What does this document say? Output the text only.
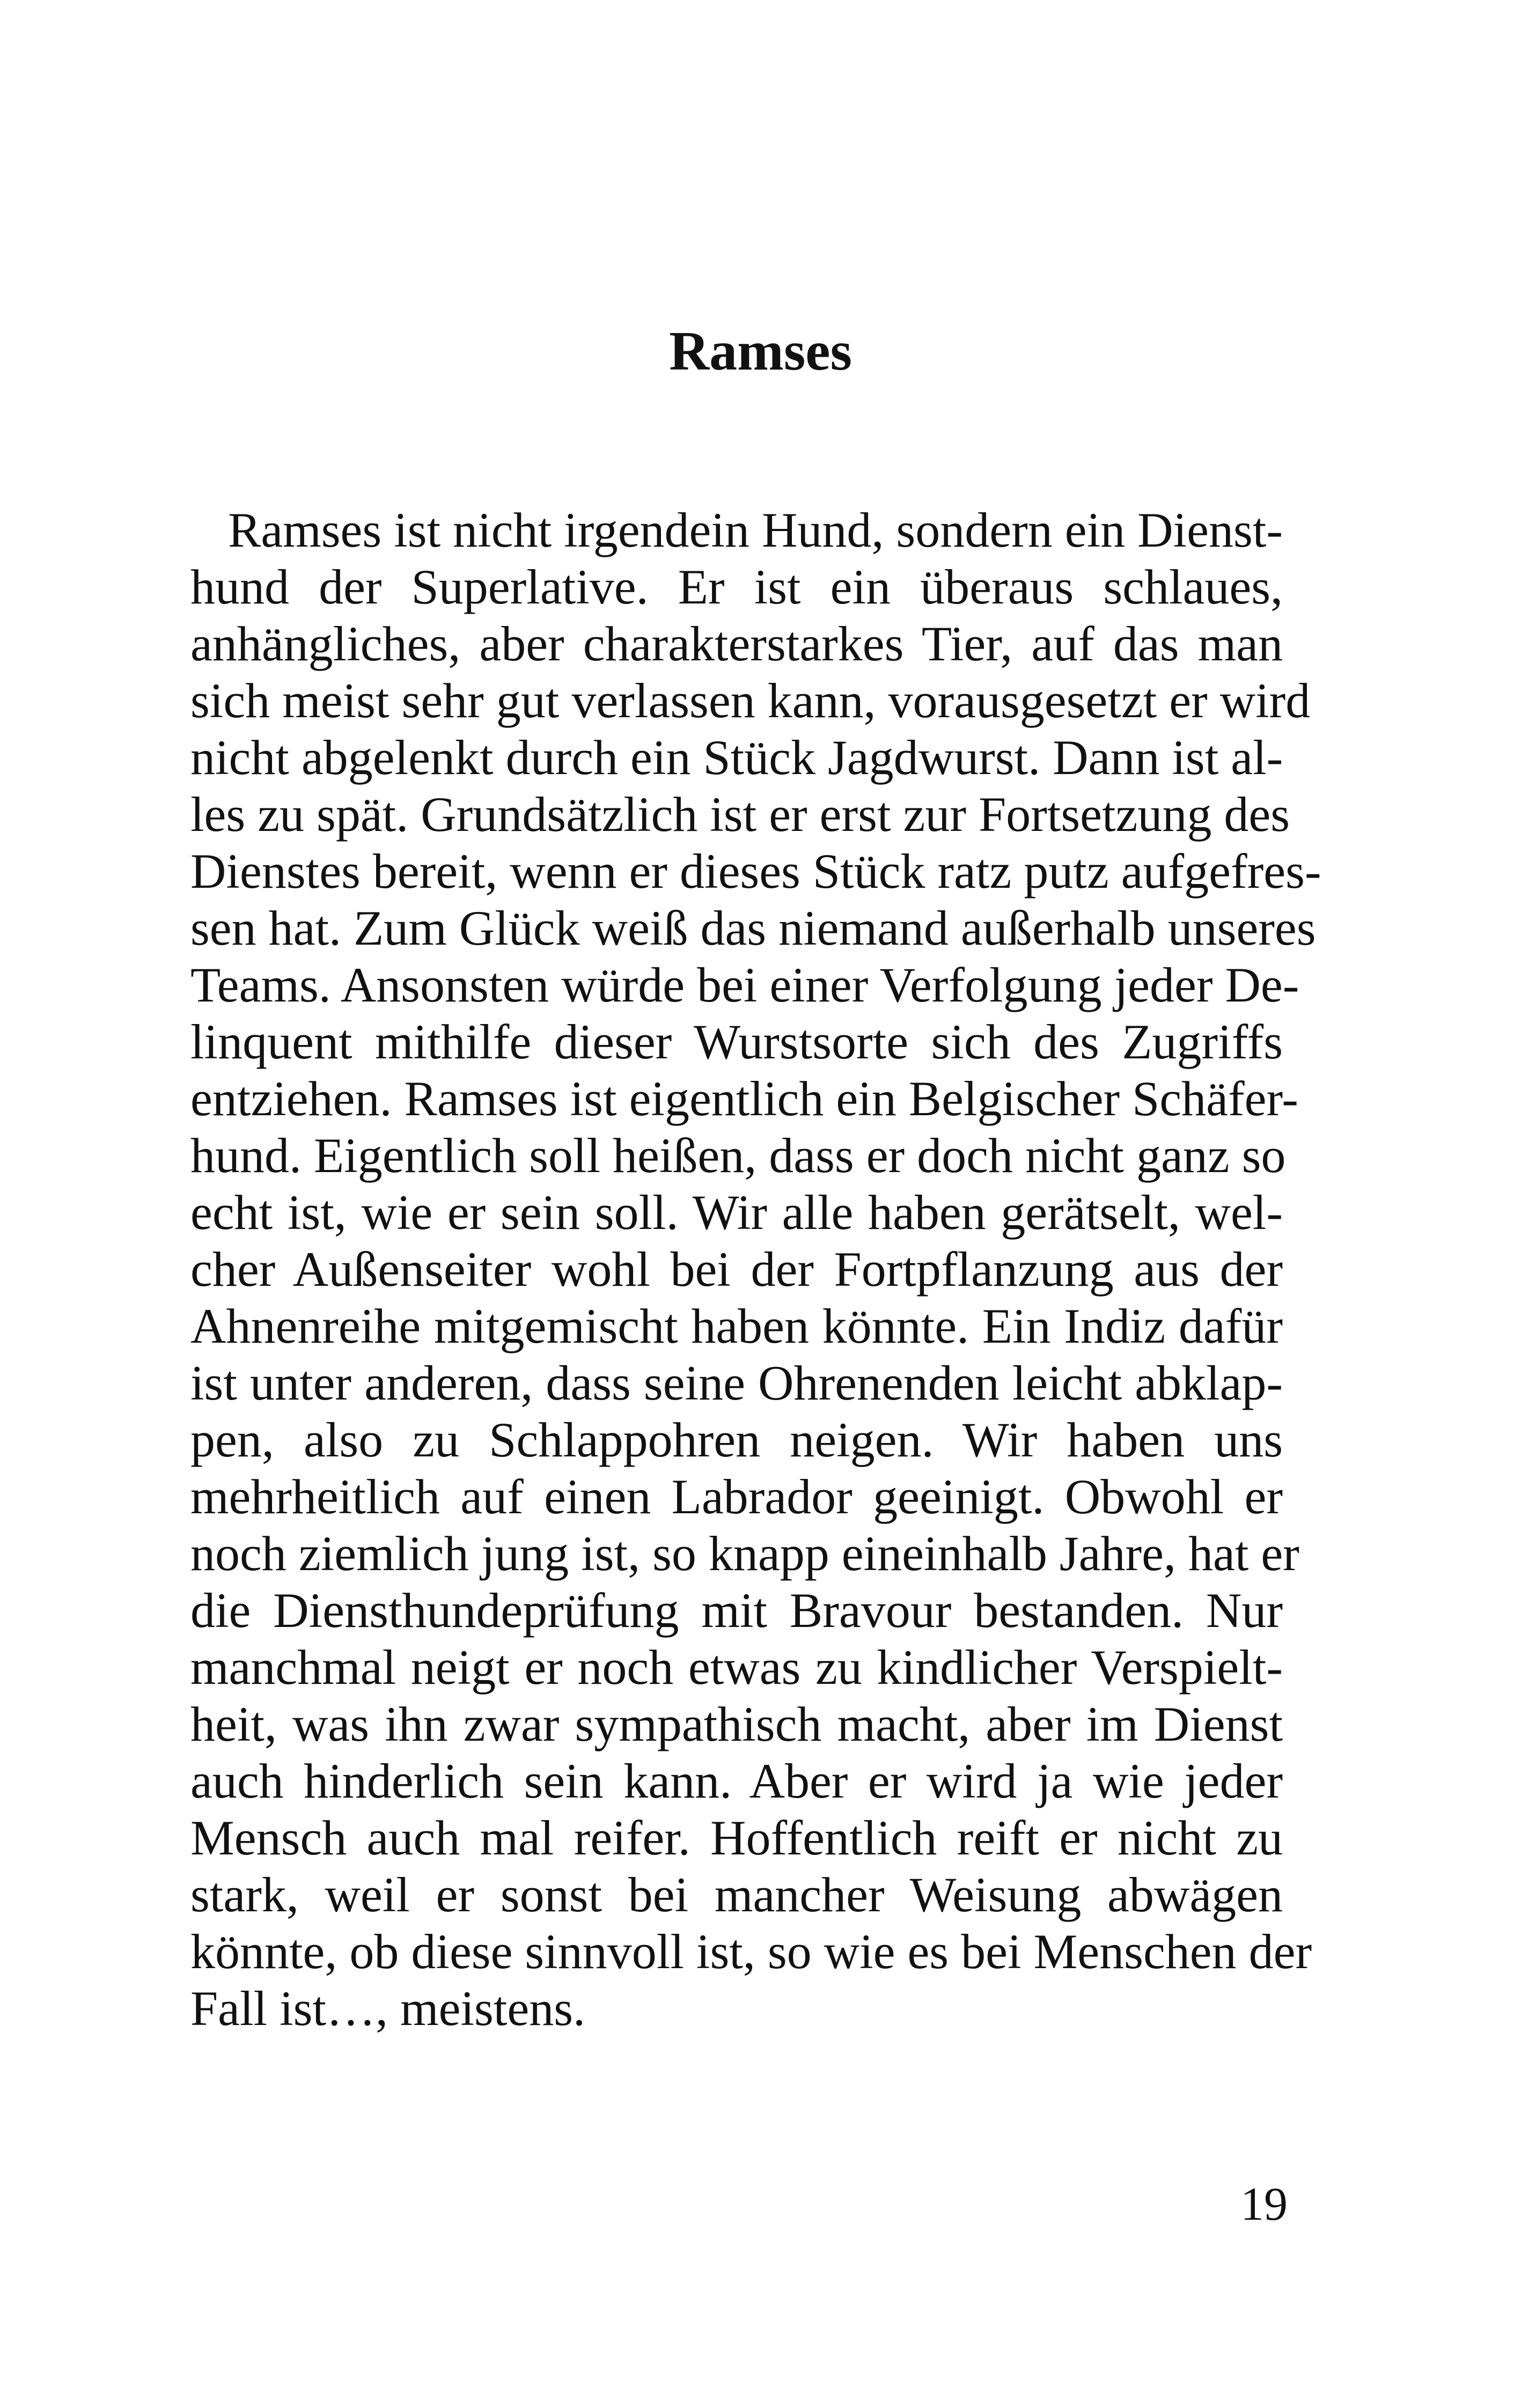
Ramses
Ramses ist nicht irgendein Hund, sondern ein Dienst-
hund der Superlative. Er ist ein überaus schlaues,
anhängliches, aber charakterstarkes Tier, auf das man
sich meist sehr gut verlassen kann, vorausgesetzt er wird
nicht abgelenkt durch ein Stück Jagdwurst. Dann ist al-
les zu spät. Grundsätzlich ist er erst zur Fortsetzung des
Dienstes bereit, wenn er dieses Stück ratz putz aufgefres-
sen hat. Zum Glück weiß das niemand außerhalb unseres
Teams. Ansonsten würde bei einer Verfolgung jeder De-
linquent mithilfe dieser Wurstsorte sich des Zugriffs
entziehen. Ramses ist eigentlich ein Belgischer Schäfer-
hund. Eigentlich soll heißen, dass er doch nicht ganz so
echt ist, wie er sein soll. Wir alle haben gerätselt, wel-
cher Außenseiter wohl bei der Fortpflanzung aus der
Ahnenreihe mitgemischt haben könnte. Ein Indiz dafür
ist unter anderen, dass seine Ohrenenden leicht abklap-
pen, also zu Schlappohren neigen. Wir haben uns
mehrheitlich auf einen Labrador geeinigt. Obwohl er
noch ziemlich jung ist, so knapp eineinhalb Jahre, hat er
die Diensthundeprüfung mit Bravour bestanden. Nur
manchmal neigt er noch etwas zu kindlicher Verspielt-
heit, was ihn zwar sympathisch macht, aber im Dienst
auch hinderlich sein kann. Aber er wird ja wie jeder
Mensch auch mal reifer. Hoffentlich reift er nicht zu
stark, weil er sonst bei mancher Weisung abwägen
könnte, ob diese sinnvoll ist, so wie es bei Menschen der
Fall ist…, meistens.
19
